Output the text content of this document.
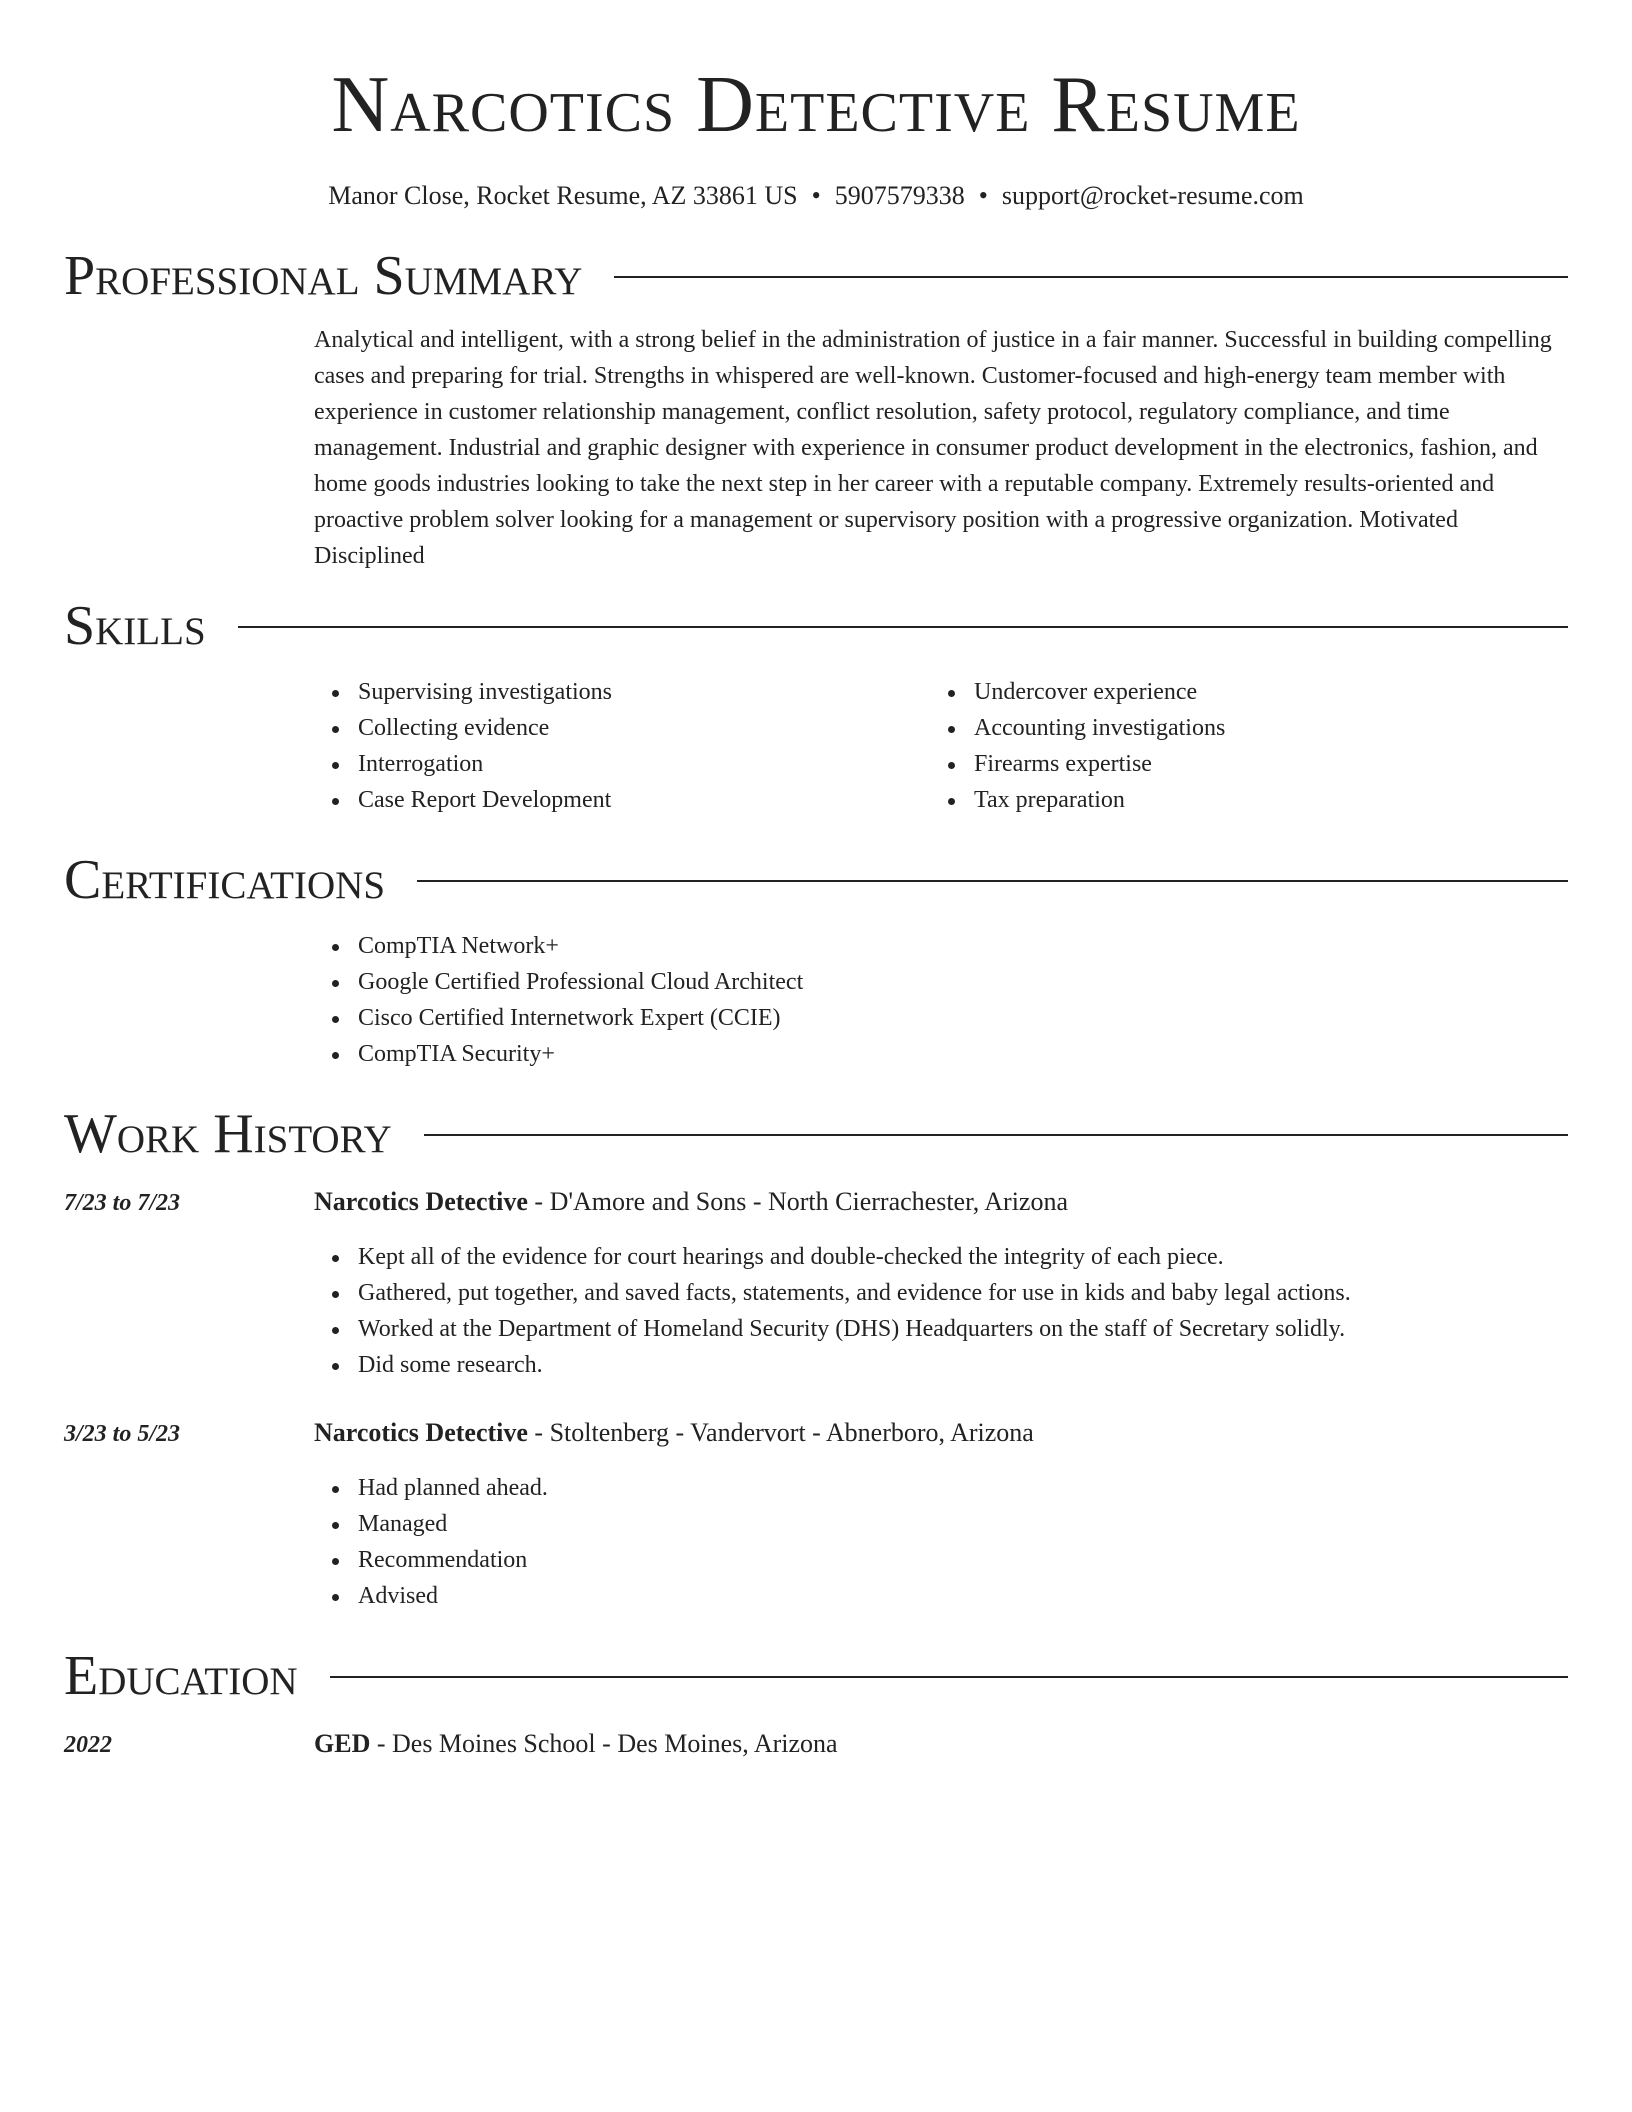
Narcotics Detective Resume
Manor Close, Rocket Resume, AZ 33861 US • 5907579338 • support@rocket-resume.com
Professional Summary

Analytical and intelligent, with a strong belief in the administration of justice in a fair manner. Successful in building compelling cases and preparing for trial. Strengths in whispered are well-known. Customer-focused and high-energy team member with experience in customer relationship management, conflict resolution, safety protocol, regulatory compliance, and time management. Industrial and graphic designer with experience in consumer product development in the electronics, fashion, and home goods industries looking to take the next step in her career with a reputable company. Extremely results-oriented and proactive problem solver looking for a management or supervisory position with a progressive organization. Motivated Disciplined

Skills
Supervising investigations
Collecting evidence
Interrogation
Case Report Development
Undercover experience
Accounting investigations
Firearms expertise
Tax preparation
Certifications
CompTIA Network+
Google Certified Professional Cloud Architect
Cisco Certified Internetwork Expert (CCIE)
CompTIA Security+
Work History
7/23 to 7/23	Narcotics Detective - D'Amore and Sons - North Cierrachester, Arizona
Kept all of the evidence for court hearings and double-checked the integrity of each piece.
Gathered, put together, and saved facts, statements, and evidence for use in kids and baby legal actions.
Worked at the Department of Homeland Security (DHS) Headquarters on the staff of Secretary solidly.
Did some research.
3/23 to 5/23	Narcotics Detective - Stoltenberg - Vandervort - Abnerboro, Arizona
Had planned ahead.
Managed
Recommendation
Advised
Education
2022	GED - Des Moines School - Des Moines, Arizona
